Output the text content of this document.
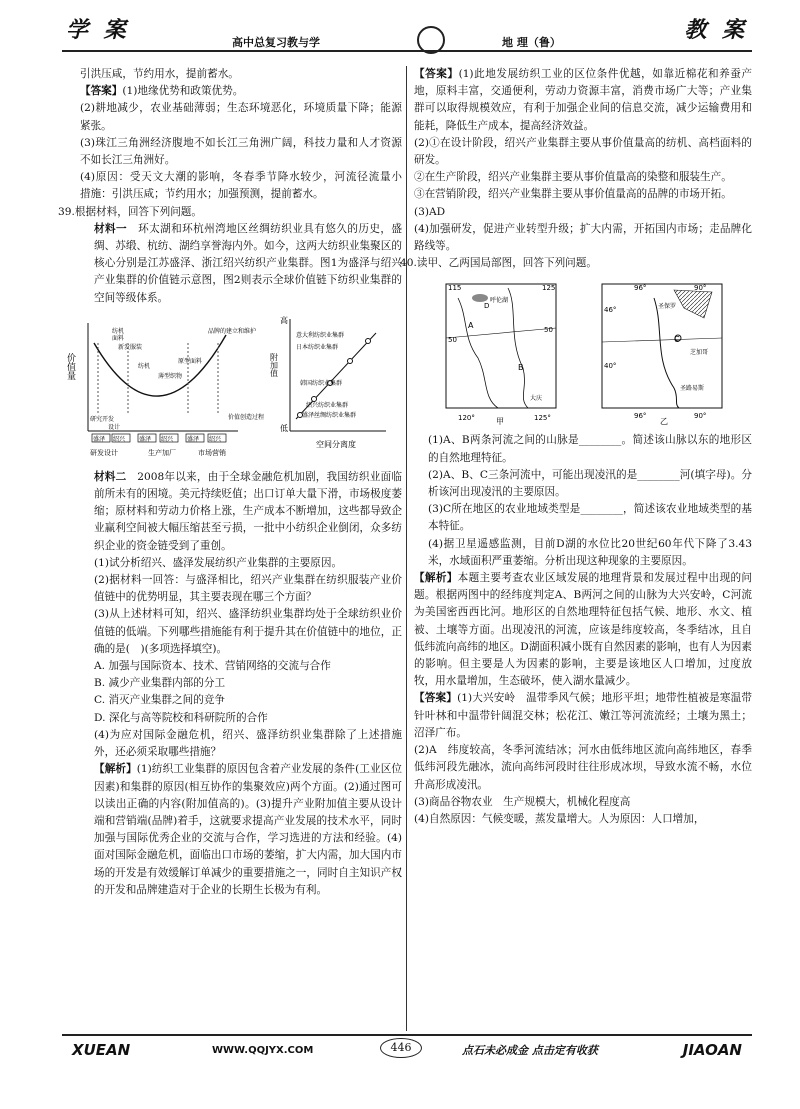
学 案	高中总复习教与学	地 理（鲁）	教 案

引洪压咸，节约用水，提前蓄水。

【答案】(1)地缘优势和政策优势。

(2)耕地减少，农业基础薄弱；生态环境恶化，环境质量下降；能源紧张。

(3)珠江三角洲经济腹地不如长江三角洲广阔，科技力量和人才资源不如长江三角洲好。

(4)原因：受天文大潮的影响，冬春季节降水较少，河流径流量小　措施：引洪压咸；节约用水；加强预测，提前蓄水。

39.根据材料，回答下列问题。

材料一　 环太湖和环杭州湾地区丝绸纺织业具有悠久的历史，盛绸、苏缎、杭纺、湖绉享誉海内外。如今，这两大纺织业集聚区的核心分别是江苏盛泽、浙江绍兴纺织产业集群。图1为盛泽与绍兴产业集群的价值链示意图，图2则表示全球价值链下纺织业集群的空间等级体系。

价值量
纺机
面料
新发服装
纺机
薄型织物
原型面料
品牌的建立和维护
研究开发
设计
盛泽 绍兴 盛泽 绍兴 盛泽 绍兴
研发设计	生产加厂	市场营销
价值创造过程
高
附加值
低
空间分离度
意大利纺织业集群
日本纺织业集群
韩国纺织业集群
绍兴纺织业集群
盛泽丝绸纺织业集群

材料二　 2008年以来，由于全球金融危机加剧，我国纺织业面临前所未有的困境。美元持续贬值；出口订单大量下滑，市场极度萎缩；原材料和劳动力价格上涨，生产成本不断增加，这些都导致企业赢利空间被大幅压缩甚至亏损，一批中小纺织企业倒闭，众多纺织企业的资金链受到了重创。

(1)试分析绍兴、盛泽发展纺织产业集群的主要原因。

(2)据材料一回答：与盛泽相比，绍兴产业集群在纺织服装产业价值链中的优势明显，其主要表现在哪三个方面？

(3)从上述材料可知，绍兴、盛泽纺织业集群均处于全球纺织业价值链的低端。下列哪些措施能有利于提升其在价值链中的地位，正确的是(　)(多项选择填空)。

A. 加强与国际资本、技术、营销网络的交流与合作

B. 减少产业集群内部的分工

C. 消灭产业集群之间的竞争

D. 深化与高等院校和科研院所的合作

(4)为应对国际金融危机，绍兴、盛泽纺织业集群除了上述措施外，还必须采取哪些措施？

【解析】(1)纺织工业集群的原因包含着产业发展的条件(工业区位因素)和集群的原因(相互协作的集聚效应)两个方面。(2)通过图可以读出正确的内容(附加值高的)。(3)提升产业附加值主要从设计端和营销端(品牌)着手，这就要求提高产业发展的技术水平，同时加强与国际优秀企业的交流与合作，学习选进的方法和经验。(4)面对国际金融危机，面临出口市场的萎缩，扩大内需，加大国内市场的开发是有效缓解订单减少的重要措施之一，同时自主知识产权的开发和品牌建造对于企业的长期生长极为有利。

【答案】(1)此地发展纺织工业的区位条件优越，如靠近棉花和养蚕产地，原料丰富，交通便利，劳动力资源丰富，消费市场广大等；产业集群可以取得规模效应，有利于加强企业间的信息交流，减少运输费用和能耗，降低生产成本，提高经济效益。

(2)①在设计阶段，绍兴产业集群主要从事价值量高的纺机、高档面料的研发。

②在生产阶段，绍兴产业集群主要从事价值量高的染整和服装生产。

③在营销阶段，绍兴产业集群主要从事价值量高的品牌的市场开拓。

(3)AD

(4)加强研发，促进产业转型升级；扩大内需，开拓国内市场；走品牌化路线等。

40.读甲、乙两国局部图，回答下列问题。

115	125
50
50
120°	125°
呼伦湖
A
B
D
大庆
甲
96°	90°
46°
40°
96°	90°
圣保罗
C
芝加哥
圣路易斯
乙

(1)A、B两条河流之间的山脉是________。简述该山脉以东的地形区的自然地理特征。

(2)A、B、C三条河流中，可能出现凌汛的是________河(填字母)。分析该河出现凌汛的主要原因。

(3)C所在地区的农业地域类型是________，简述该农业地域类型的基本特征。

(4)据卫星遥感监测，目前D湖的水位比20世纪60年代下降了3.43米，水域面积严重萎缩。分析出现这种现象的主要原因。

【解析】本题主要考查农业区域发展的地理背景和发展过程中出现的问题。根据两图中的经纬度判定A、B两河之间的山脉为大兴安岭，C河流为美国密西西比河。地形区的自然地理特征包括气候、地形、水文、植被、土壤等方面。出现凌汛的河流，应该是纬度较高，冬季结冰，且自低纬流向高纬的地区。D湖面积减小既有自然因素的影响，也有人为因素的影响。但主要是人为因素的影响，主要是该地区人口增加，过度放牧，用水量增加，生态破坏，使入湖水量减少。

【答案】(1)大兴安岭　温带季风气候；地形平坦；地带性植被是寒温带针叶林和中温带针阔混交林；松花江、嫩江等河流流经；土壤为黑土；沼泽广布。

(2)A　纬度较高，冬季河流结冰；河水由低纬地区流向高纬地区，春季低纬河段先融冰，流向高纬河段时往往形成冰坝，导致水流不畅，水位升高形成凌汛。

(3)商品谷物农业　生产规模大，机械化程度高

(4)自然原因：气候变暖，蒸发量增大。人为原因：人口增加，

XUEAN	WWW.QQJYX.COM	446	点石未必成金 点击定有收获	JIAOAN
